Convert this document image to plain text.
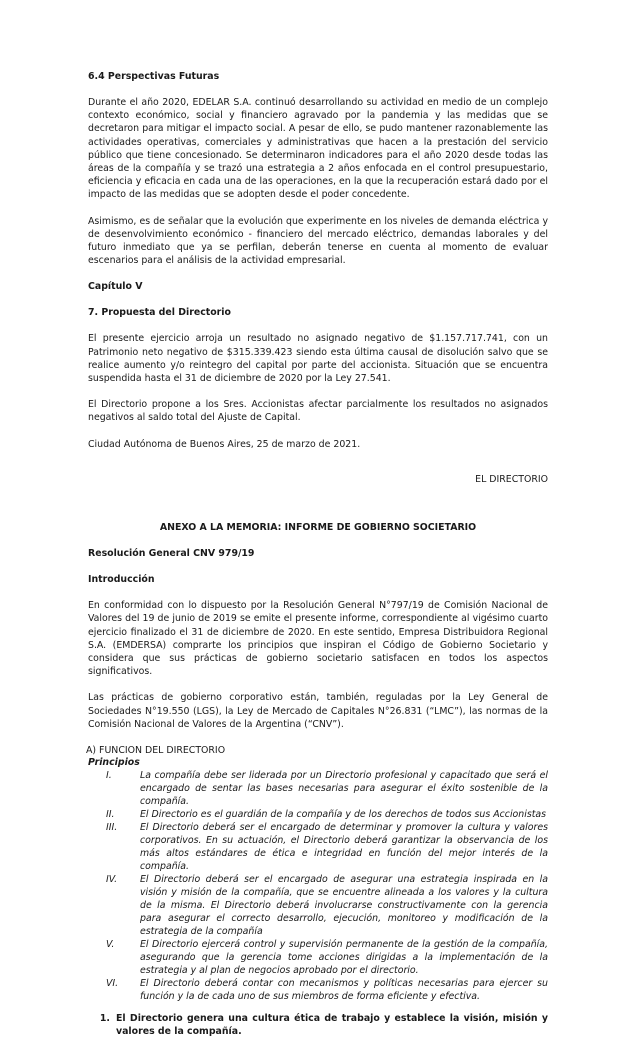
6.4 Perspectivas Futuras

Durante el año 2020, EDELAR S.A. continuó desarrollando su actividad en medio de un complejo contexto económico, social y financiero agravado por la pandemia y las medidas que se decretaron para mitigar el impacto social. A pesar de ello, se pudo mantener razonablemente las actividades operativas, comerciales y administrativas que hacen a la prestación del servicio público que tiene concesionado. Se determinaron indicadores para el año 2020 desde todas las áreas de la compañía y se trazó una estrategia a 2 años enfocada en el control presupuestario, eficiencia y eficacia en cada una de las operaciones, en la que la recuperación estará dado por el impacto de las medidas que se adopten desde el poder concedente.

Asimismo, es de señalar que la evolución que experimente en los niveles de demanda eléctrica y de desenvolvimiento económico - financiero del mercado eléctrico, demandas laborales y del futuro inmediato que ya se perfilan, deberán tenerse en cuenta al momento de evaluar escenarios para el análisis de la actividad empresarial.

Capítulo V
7. Propuesta del Directorio

El presente ejercicio arroja un resultado no asignado negativo de $1.157.717.741, con un Patrimonio neto negativo de $315.339.423 siendo esta última causal de disolución salvo que se realice aumento y/o reintegro del capital por parte del accionista. Situación que se encuentra suspendida hasta el 31 de diciembre de 2020 por la Ley 27.541.

El Directorio propone a los Sres. Accionistas afectar parcialmente los resultados no asignados negativos al saldo total del Ajuste de Capital.

Ciudad Autónoma de Buenos Aires, 25 de marzo de 2021.

EL DIRECTORIO

ANEXO A LA MEMORIA: INFORME DE GOBIERNO SOCIETARIO

Resolución General CNV 979/19
Introducción

En conformidad con lo dispuesto por la Resolución General N°797/19 de Comisión Nacional de Valores del 19 de junio de 2019 se emite el presente informe, correspondiente al vigésimo cuarto ejercicio finalizado el 31 de diciembre de 2020. En este sentido, Empresa Distribuidora Regional S.A. (EMDERSA) comprarte los principios que inspiran el Código de Gobierno Societario y considera que sus prácticas de gobierno societario satisfacen en todos los aspectos significativos.

Las prácticas de gobierno corporativo están, también, reguladas por la Ley General de Sociedades N°19.550 (LGS), la Ley de Mercado de Capitales N°26.831 (“LMC”), las normas de la Comisión Nacional de Valores de la Argentina (“CNV”).

A) FUNCION DEL DIRECTORIO
Principios
I.	La compañía debe ser liderada por un Directorio profesional y capacitado que será el encargado de sentar las bases necesarias para asegurar el éxito sostenible de la compañía.
II.	El Directorio es el guardián de la compañía y de los derechos de todos sus Accionistas
III.	El Directorio deberá ser el encargado de determinar y promover la cultura y valores corporativos. En su actuación, el Directorio deberá garantizar la observancia de los más altos estándares de ética e integridad en función del mejor interés de la compañía.
IV.	El Directorio deberá ser el encargado de asegurar una estrategia inspirada en la visión y misión de la compañía, que se encuentre alineada a los valores y la cultura de la misma. El Directorio deberá involucrarse constructivamente con la gerencia para asegurar el correcto desarrollo, ejecución, monitoreo y modificación de la estrategia de la compañía
V.	El Directorio ejercerá control y supervisión permanente de la gestión de la compañía, asegurando que la gerencia tome acciones dirigidas a la implementación de la estrategia y al plan de negocios aprobado por el directorio.
VI.	El Directorio deberá contar con mecanismos y políticas necesarias para ejercer su función y la de cada uno de sus miembros de forma eficiente y efectiva.
1. El Directorio genera una cultura ética de trabajo y establece la visión, misión y valores de la compañía.
